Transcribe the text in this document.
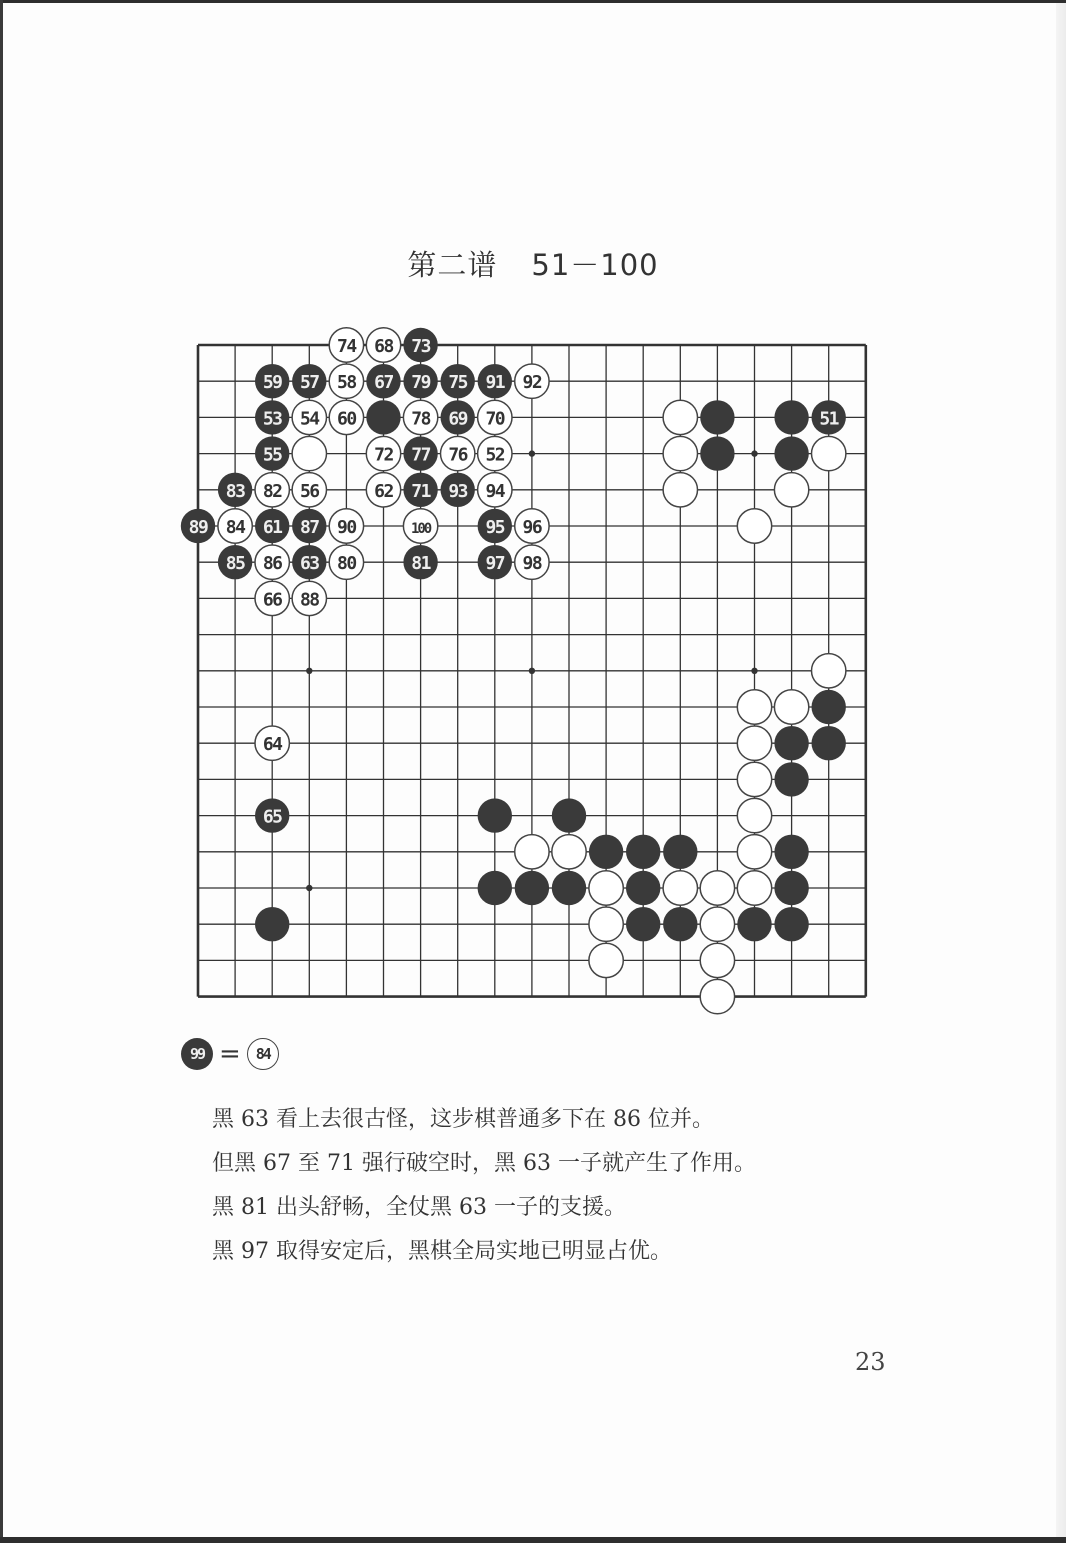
第二谱 51－100
74 68 73
59 57 58 67 79 75 91 92
53 54 60	78 69 70	51
55	72 77 76 52
83 82 56	62 71 93 94
89 84 61 87 90	100	95 96
85 86 63 80	81	97 98
66 88
64
65
99 = 84

黑 63 看上去很古怪，这步棋普通多下在 86 位并。

但黑 67 至 71 强行破空时，黑 63 一子就产生了作用。

黑 81 出头舒畅，全仗黑 63 一子的支援。

黑 97 取得安定后，黑棋全局实地已明显占优。

23
